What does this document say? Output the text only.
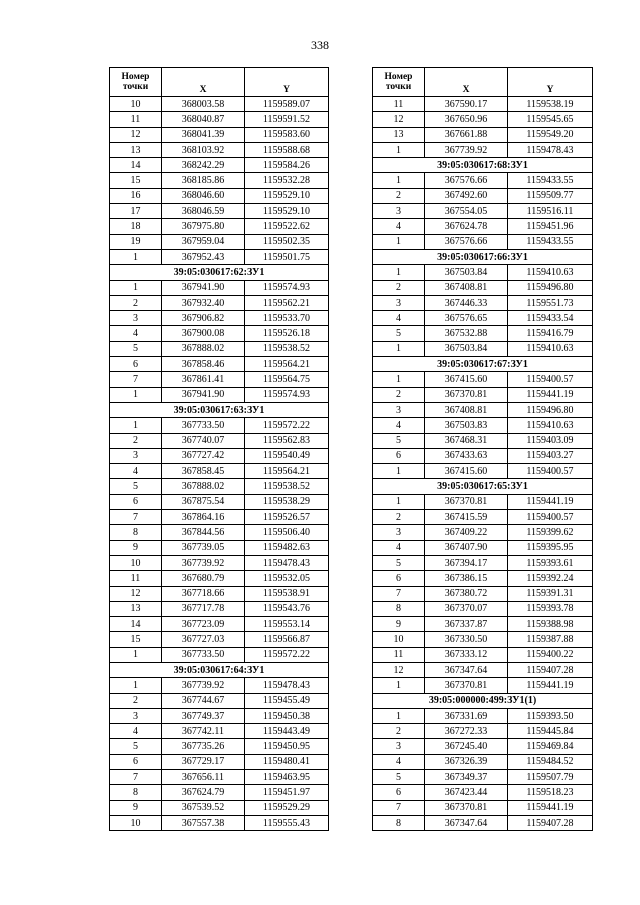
338
Номер
точки	X	Y
10	368003.58	1159589.07
11	368040.87	1159591.52
12	368041.39	1159583.60
13	368103.92	1159588.68
14	368242.29	1159584.26
15	368185.86	1159532.28
16	368046.60	1159529.10
17	368046.59	1159529.10
18	367975.80	1159522.62
19	367959.04	1159502.35
1	367952.43	1159501.75
39:05:030617:62:ЗУ1		
1	367941.90	1159574.93
2	367932.40	1159562.21
3	367906.82	1159533.70
4	367900.08	1159526.18
5	367888.02	1159538.52
6	367858.46	1159564.21
7	367861.41	1159564.75
1	367941.90	1159574.93
39:05:030617:63:ЗУ1		
1	367733.50	1159572.22
2	367740.07	1159562.83
3	367727.42	1159540.49
4	367858.45	1159564.21
5	367888.02	1159538.52
6	367875.54	1159538.29
7	367864.16	1159526.57
8	367844.56	1159506.40
9	367739.05	1159482.63
10	367739.92	1159478.43
11	367680.79	1159532.05
12	367718.66	1159538.91
13	367717.78	1159543.76
14	367723.09	1159553.14
15	367727.03	1159566.87
1	367733.50	1159572.22
39:05:030617:64:ЗУ1		
1	367739.92	1159478.43
2	367744.67	1159455.49
3	367749.37	1159450.38
4	367742.11	1159443.49
5	367735.26	1159450.95
6	367729.17	1159480.41
7	367656.11	1159463.95
8	367624.79	1159451.97
9	367539.52	1159529.29
10	367557.38	1159555.43
Номер
точки	X	Y
11	367590.17	1159538.19
12	367650.96	1159545.65
13	367661.88	1159549.20
1	367739.92	1159478.43
39:05:030617:68:ЗУ1		
1	367576.66	1159433.55
2	367492.60	1159509.77
3	367554.05	1159516.11
4	367624.78	1159451.96
1	367576.66	1159433.55
39:05:030617:66:ЗУ1		
1	367503.84	1159410.63
2	367408.81	1159496.80
3	367446.33	1159551.73
4	367576.65	1159433.54
5	367532.88	1159416.79
1	367503.84	1159410.63
39:05:030617:67:ЗУ1		
1	367415.60	1159400.57
2	367370.81	1159441.19
3	367408.81	1159496.80
4	367503.83	1159410.63
5	367468.31	1159403.09
6	367433.63	1159403.27
1	367415.60	1159400.57
39:05:030617:65:ЗУ1		
1	367370.81	1159441.19
2	367415.59	1159400.57
3	367409.22	1159399.62
4	367407.90	1159395.95
5	367394.17	1159393.61
6	367386.15	1159392.24
7	367380.72	1159391.31
8	367370.07	1159393.78
9	367337.87	1159388.98
10	367330.50	1159387.88
11	367333.12	1159400.22
12	367347.64	1159407.28
1	367370.81	1159441.19
39:05:000000:499:ЗУ1(1)		
1	367331.69	1159393.50
2	367272.33	1159445.84
3	367245.40	1159469.84
4	367326.39	1159484.52
5	367349.37	1159507.79
6	367423.44	1159518.23
7	367370.81	1159441.19
8	367347.64	1159407.28
